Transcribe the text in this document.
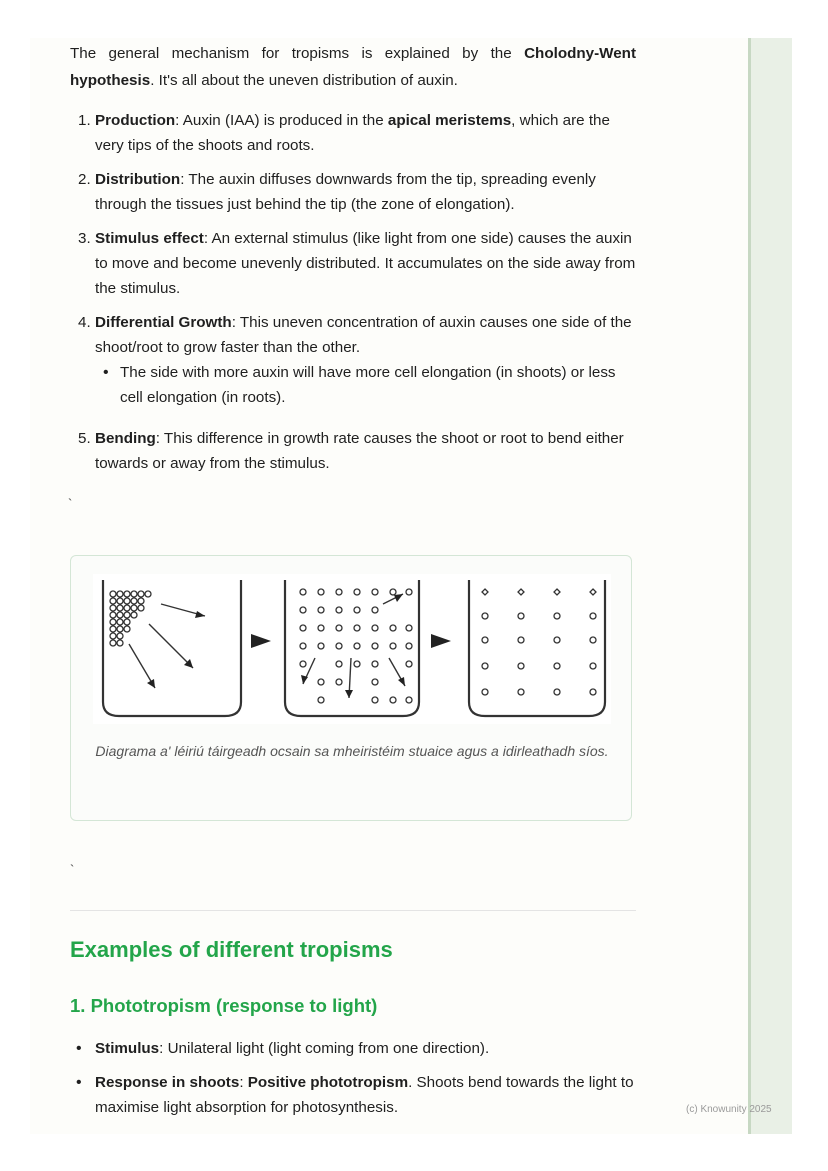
The general mechanism for tropisms is explained by the Cholodny-Went hypothesis. It's all about the uneven distribution of auxin.

1. Production: Auxin (IAA) is produced in the apical meristems, which are the very tips of the shoots and roots.
2. Distribution: The auxin diffuses downwards from the tip, spreading evenly through the tissues just behind the tip (the zone of elongation).
3. Stimulus effect: An external stimulus (like light from one side) causes the auxin to move and become unevenly distributed. It accumulates on the side away from the stimulus.
4. Differential Growth: This uneven concentration of auxin causes one side of the shoot/root to grow faster than the other.
• The side with more auxin will have more cell elongation (in shoots) or less cell elongation (in roots).
5. Bending: This difference in growth rate causes the shoot or root to bend either towards or away from the stimulus.
`
Diagrama a' léiriú táirgeadh ocsain sa mheiristéim stuaice agus a idirleathadh síos.
`
Examples of different tropisms
1. Phototropism (response to light)
• Stimulus: Unilateral light (light coming from one direction).
• Response in shoots: Positive phototropism. Shoots bend towards the light to maximise light absorption for photosynthesis.	(c) Knowunity 2025
